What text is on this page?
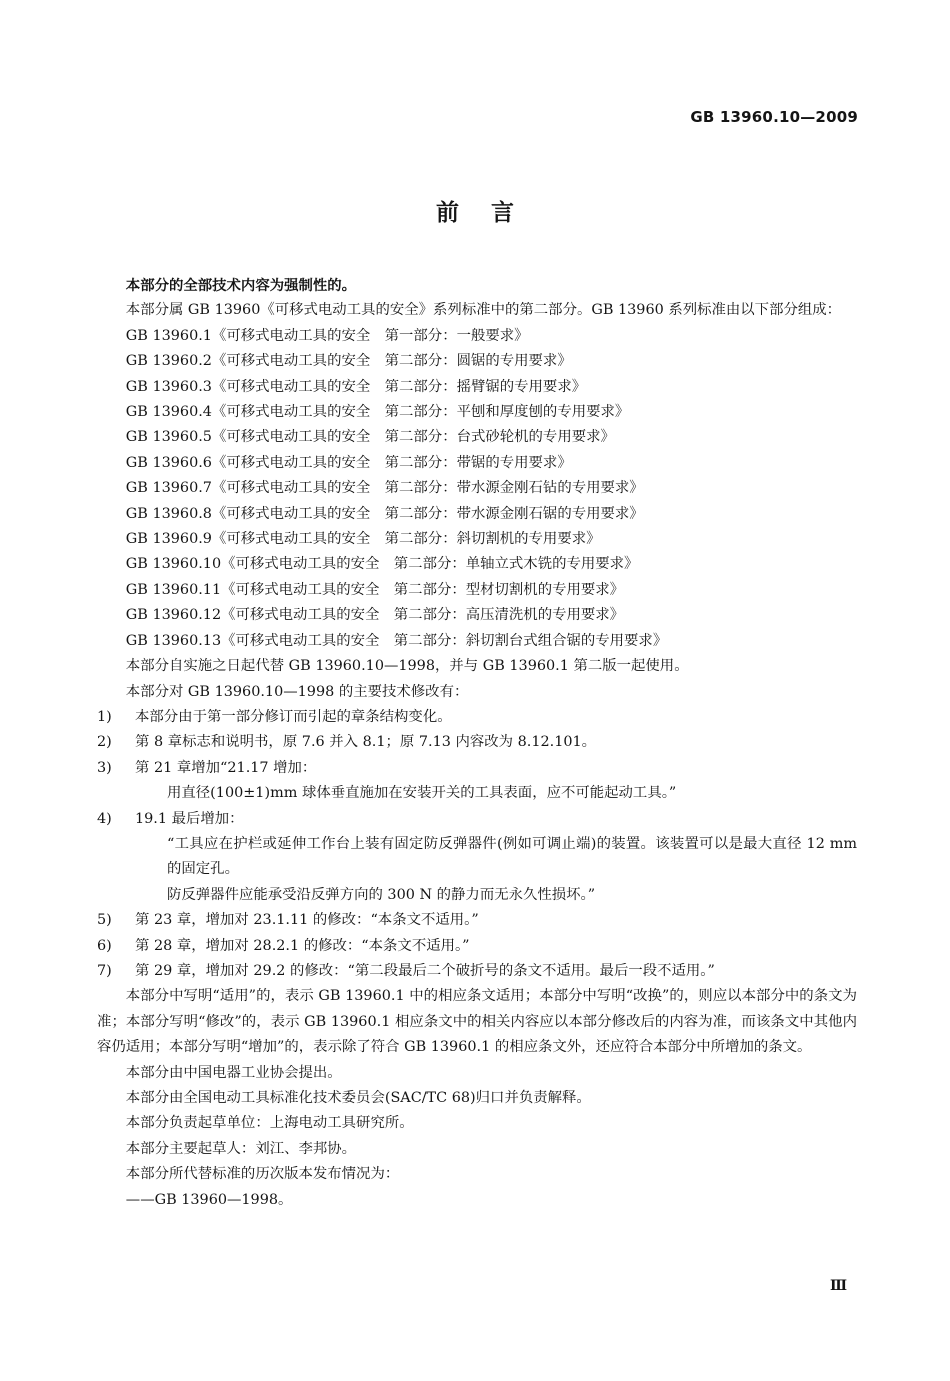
GB 13960.10—2009
前    言

本部分的全部技术内容为强制性的。

本部分属 GB 13960《可移式电动工具的安全》系列标准中的第二部分。GB 13960 系列标准由以下部分组成：

GB 13960.1《可移式电动工具的安全　第一部分：一般要求》

GB 13960.2《可移式电动工具的安全　第二部分：圆锯的专用要求》

GB 13960.3《可移式电动工具的安全　第二部分：摇臂锯的专用要求》

GB 13960.4《可移式电动工具的安全　第二部分：平刨和厚度刨的专用要求》

GB 13960.5《可移式电动工具的安全　第二部分：台式砂轮机的专用要求》

GB 13960.6《可移式电动工具的安全　第二部分：带锯的专用要求》

GB 13960.7《可移式电动工具的安全　第二部分：带水源金刚石钻的专用要求》

GB 13960.8《可移式电动工具的安全　第二部分：带水源金刚石锯的专用要求》

GB 13960.9《可移式电动工具的安全　第二部分：斜切割机的专用要求》

GB 13960.10《可移式电动工具的安全　第二部分：单轴立式木铣的专用要求》

GB 13960.11《可移式电动工具的安全　第二部分：型材切割机的专用要求》

GB 13960.12《可移式电动工具的安全　第二部分：高压清洗机的专用要求》

GB 13960.13《可移式电动工具的安全　第二部分：斜切割台式组合锯的专用要求》

本部分自实施之日起代替 GB 13960.10—1998，并与 GB 13960.1 第二版一起使用。

本部分对 GB 13960.10—1998 的主要技术修改有：

1)	本部分由于第一部分修订而引起的章条结构变化。
2)	第 8 章标志和说明书，原 7.6 并入 8.1；原 7.13 内容改为 8.12.101。
3)	第 21 章增加“21.17 增加：

用直径(100±1)mm 球体垂直施加在安装开关的工具表面，应不可能起动工具。”

4)	19.1 最后增加：

“工具应在护栏或延伸工作台上装有固定防反弹器件(例如可调止端)的装置。该装置可以是最大直径 12 mm 的固定孔。

防反弹器件应能承受沿反弹方向的 300 N 的静力而无永久性损坏。”

5)	第 23 章，增加对 23.1.11 的修改：“本条文不适用。”
6)	第 28 章，增加对 28.2.1 的修改：“本条文不适用。”
7)	第 29 章，增加对 29.2 的修改：“第二段最后二个破折号的条文不适用。最后一段不适用。”

本部分中写明“适用”的，表示 GB 13960.1 中的相应条文适用；本部分中写明“改换”的，则应以本部分中的条文为准；本部分写明“修改”的，表示 GB 13960.1 相应条文中的相关内容应以本部分修改后的内容为准，而该条文中其他内容仍适用；本部分写明“增加”的，表示除了符合 GB 13960.1 的相应条文外，还应符合本部分中所增加的条文。

本部分由中国电器工业协会提出。

本部分由全国电动工具标准化技术委员会(SAC/TC 68)归口并负责解释。

本部分负责起草单位：上海电动工具研究所。

本部分主要起草人：刘江、李邦协。

本部分所代替标准的历次版本发布情况为：

——GB 13960—1998。

Ⅲ
